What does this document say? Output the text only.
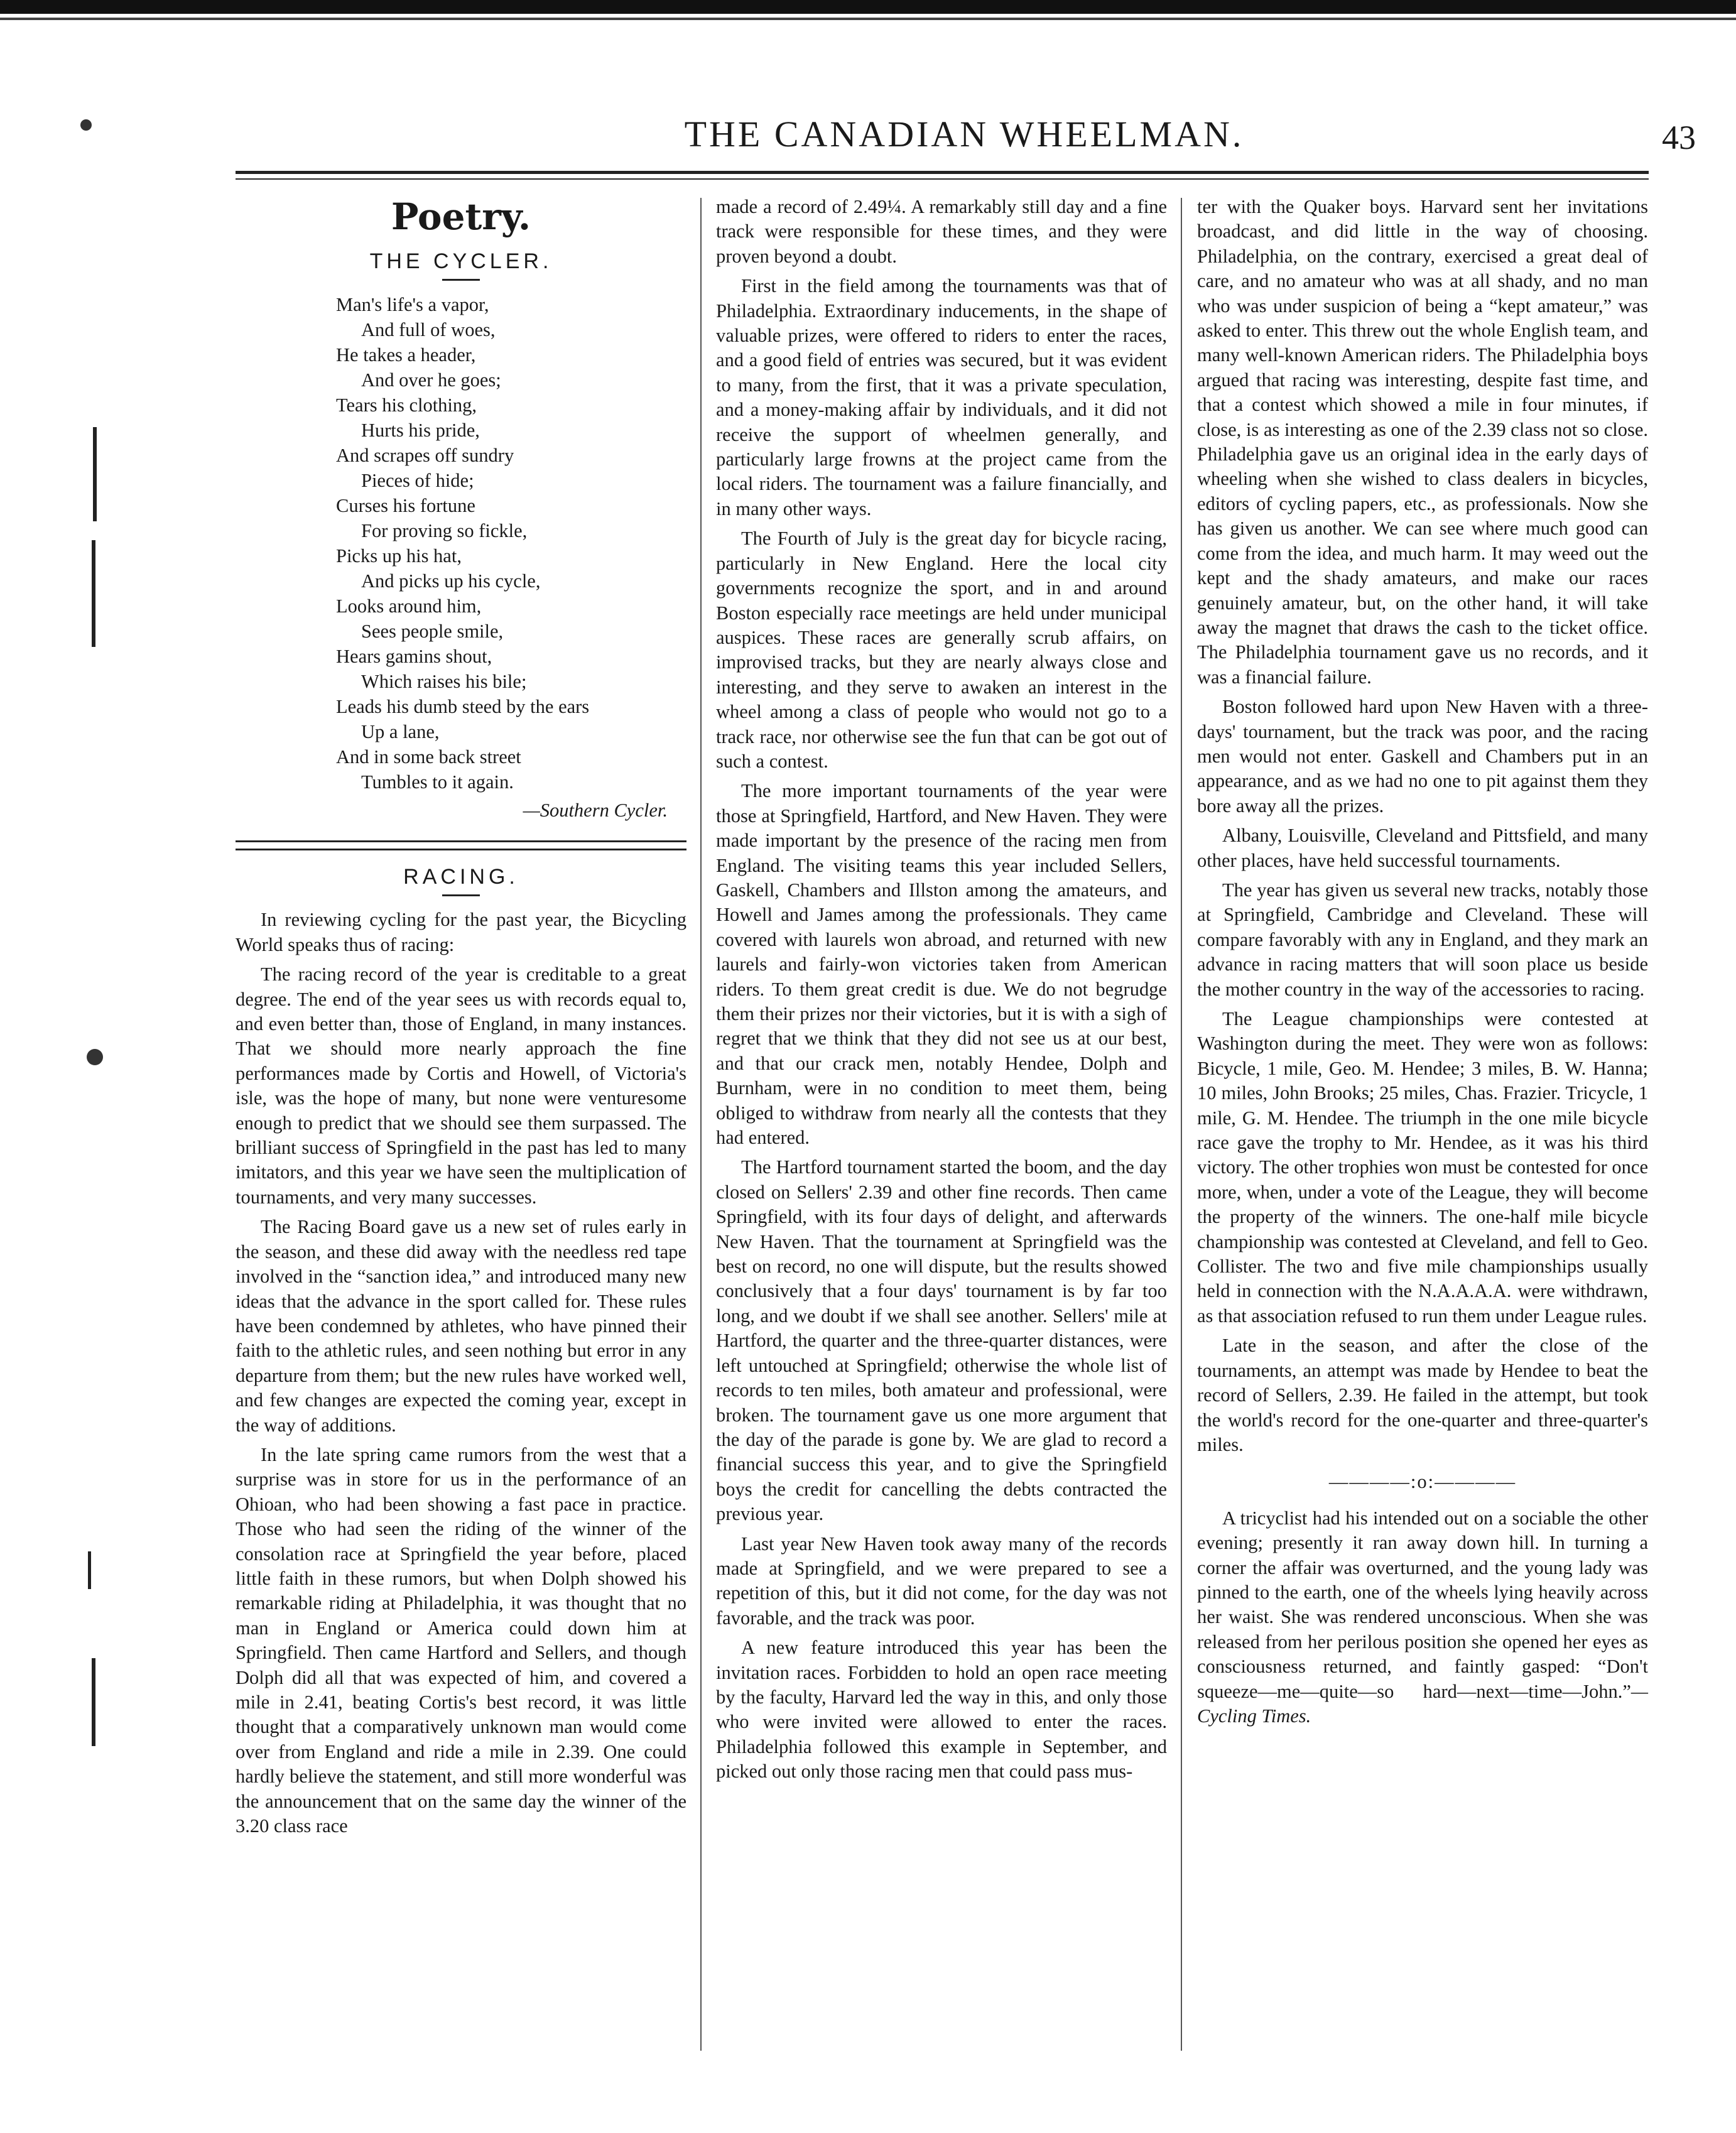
THE CANADIAN WHEELMAN.	43
Poetry.
THE CYCLER.
Man's life's a vapor,
And full of woes,
He takes a header,
And over he goes;
Tears his clothing,
Hurts his pride,
And scrapes off sundry
Pieces of hide;
Curses his fortune
For proving so fickle,
Picks up his hat,
And picks up his cycle,
Looks around him,
Sees people smile,
Hears gamins shout,
Which raises his bile;
Leads his dumb steed by the ears
Up a lane,
And in some back street
Tumbles to it again.
—Southern Cycler.
RACING.

In reviewing cycling for the past year, the Bicycling World speaks thus of racing:

The racing record of the year is creditable to a great degree. The end of the year sees us with records equal to, and even better than, those of England, in many instances. That we should more nearly approach the fine performances made by Cortis and Howell, of Victoria's isle, was the hope of many, but none were venturesome enough to predict that we should see them surpassed. The brilliant success of Springfield in the past has led to many imitators, and this year we have seen the multiplication of tournaments, and very many successes.

The Racing Board gave us a new set of rules early in the season, and these did away with the needless red tape involved in the “sanction idea,” and introduced many new ideas that the advance in the sport called for. These rules have been condemned by athletes, who have pinned their faith to the athletic rules, and seen nothing but error in any departure from them; but the new rules have worked well, and few changes are expected the coming year, except in the way of additions.

In the late spring came rumors from the west that a surprise was in store for us in the performance of an Ohioan, who had been showing a fast pace in practice. Those who had seen the riding of the winner of the consolation race at Springfield the year before, placed little faith in these rumors, but when Dolph showed his remarkable riding at Philadelphia, it was thought that no man in England or America could down him at Springfield. Then came Hartford and Sellers, and though Dolph did all that was expected of him, and covered a mile in 2.41, beating Cortis's best record, it was little thought that a comparatively unknown man would come over from England and ride a mile in 2.39. One could hardly believe the statement, and still more wonderful was the announcement that on the same day the winner of the 3.20 class race

made a record of 2.49¼. A remarkably still day and a fine track were responsible for these times, and they were proven beyond a doubt.

First in the field among the tournaments was that of Philadelphia. Extraordinary inducements, in the shape of valuable prizes, were offered to riders to enter the races, and a good field of entries was secured, but it was evident to many, from the first, that it was a private speculation, and a money-making affair by individuals, and it did not receive the support of wheelmen generally, and particularly large frowns at the project came from the local riders. The tournament was a failure financially, and in many other ways.

The Fourth of July is the great day for bicycle racing, particularly in New England. Here the local city governments recognize the sport, and in and around Boston especially race meetings are held under municipal auspices. These races are generally scrub affairs, on improvised tracks, but they are nearly always close and interesting, and they serve to awaken an interest in the wheel among a class of people who would not go to a track race, nor otherwise see the fun that can be got out of such a contest.

The more important tournaments of the year were those at Springfield, Hartford, and New Haven. They were made important by the presence of the racing men from England. The visiting teams this year included Sellers, Gaskell, Chambers and Illston among the amateurs, and Howell and James among the professionals. They came covered with laurels won abroad, and returned with new laurels and fairly-won victories taken from American riders. To them great credit is due. We do not begrudge them their prizes nor their victories, but it is with a sigh of regret that we think that they did not see us at our best, and that our crack men, notably Hendee, Dolph and Burnham, were in no condition to meet them, being obliged to withdraw from nearly all the contests that they had entered.

The Hartford tournament started the boom, and the day closed on Sellers' 2.39 and other fine records. Then came Springfield, with its four days of delight, and afterwards New Haven. That the tournament at Springfield was the best on record, no one will dispute, but the results showed conclusively that a four days' tournament is by far too long, and we doubt if we shall see another. Sellers' mile at Hartford, the quarter and the three-quarter distances, were left untouched at Springfield; otherwise the whole list of records to ten miles, both amateur and professional, were broken. The tournament gave us one more argument that the day of the parade is gone by. We are glad to record a financial success this year, and to give the Springfield boys the credit for cancelling the debts contracted the previous year.

Last year New Haven took away many of the records made at Springfield, and we were prepared to see a repetition of this, but it did not come, for the day was not favorable, and the track was poor.

A new feature introduced this year has been the invitation races. Forbidden to hold an open race meeting by the faculty, Harvard led the way in this, and only those who were invited were allowed to enter the races. Philadelphia followed this example in September, and picked out only those racing men that could pass mus-

ter with the Quaker boys. Harvard sent her invitations broadcast, and did little in the way of choosing. Philadelphia, on the contrary, exercised a great deal of care, and no amateur who was at all shady, and no man who was under suspicion of being a “kept amateur,” was asked to enter. This threw out the whole English team, and many well-known American riders. The Philadelphia boys argued that racing was interesting, despite fast time, and that a contest which showed a mile in four minutes, if close, is as interesting as one of the 2.39 class not so close. Philadelphia gave us an original idea in the early days of wheeling when she wished to class dealers in bicycles, editors of cycling papers, etc., as professionals. Now she has given us another. We can see where much good can come from the idea, and much harm. It may weed out the kept and the shady amateurs, and make our races genuinely amateur, but, on the other hand, it will take away the magnet that draws the cash to the ticket office. The Philadelphia tournament gave us no records, and it was a financial failure.

Boston followed hard upon New Haven with a three-days' tournament, but the track was poor, and the racing men would not enter. Gaskell and Chambers put in an appearance, and as we had no one to pit against them they bore away all the prizes.

Albany, Louisville, Cleveland and Pittsfield, and many other places, have held successful tournaments.

The year has given us several new tracks, notably those at Springfield, Cambridge and Cleveland. These will compare favorably with any in England, and they mark an advance in racing matters that will soon place us beside the mother country in the way of the accessories to racing.

The League championships were contested at Washington during the meet. They were won as follows: Bicycle, 1 mile, Geo. M. Hendee; 3 miles, B. W. Hanna; 10 miles, John Brooks; 25 miles, Chas. Frazier. Tricycle, 1 mile, G. M. Hendee. The triumph in the one mile bicycle race gave the trophy to Mr. Hendee, as it was his third victory. The other trophies won must be contested for once more, when, under a vote of the League, they will become the property of the winners. The one-half mile bicycle championship was contested at Cleveland, and fell to Geo. Collister. The two and five mile championships usually held in connection with the N.A.A.A.A. were withdrawn, as that association refused to run them under League rules.

Late in the season, and after the close of the tournaments, an attempt was made by Hendee to beat the record of Sellers, 2.39. He failed in the attempt, but took the world's record for the one-quarter and three-quarter's miles.

————:o:————

A tricyclist had his intended out on a sociable the other evening; presently it ran away down hill. In turning a corner the affair was overturned, and the young lady was pinned to the earth, one of the wheels lying heavily across her waist. She was rendered unconscious. When she was released from her perilous position she opened her eyes as consciousness returned, and faintly gasped: “Don't squeeze—me—quite—so hard—next—time—John.”—Cycling Times.
